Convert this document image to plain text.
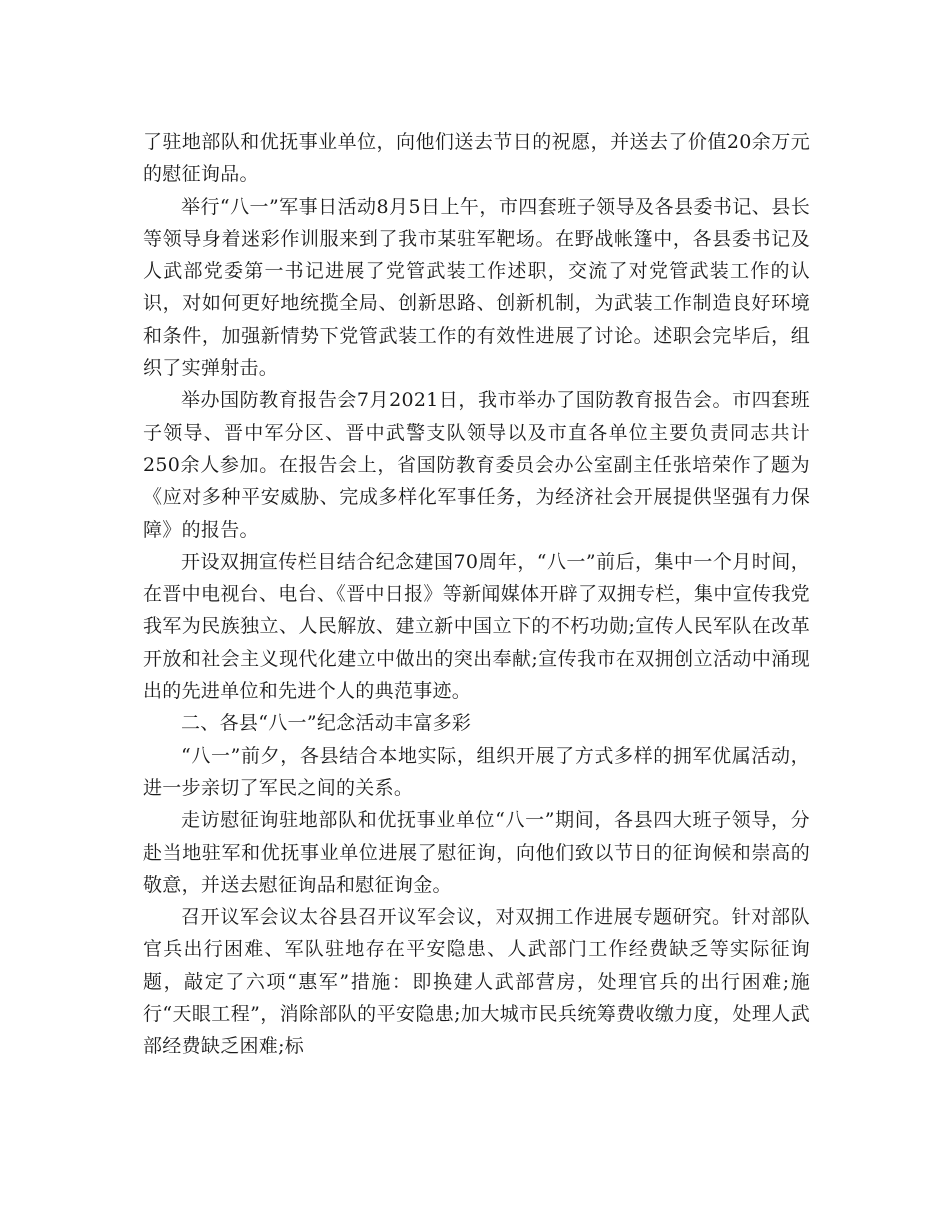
了驻地部队和优抚事业单位，向他们送去节日的祝愿，并送去了价值20余万元的慰征询品。

举行“八一”军事日活动8月5日上午，市四套班子领导及各县委书记、县长等领导身着迷彩作训服来到了我市某驻军靶场。在野战帐篷中，各县委书记及人武部党委第一书记进展了党管武装工作述职，交流了对党管武装工作的认识，对如何更好地统揽全局、创新思路、创新机制，为武装工作制造良好环境和条件，加强新情势下党管武装工作的有效性进展了讨论。述职会完毕后，组织了实弹射击。

举办国防教育报告会7月2021日，我市举办了国防教育报告会。市四套班子领导、晋中军分区、晋中武警支队领导以及市直各单位主要负责同志共计250余人参加。在报告会上，省国防教育委员会办公室副主任张培荣作了题为《应对多种平安威胁、完成多样化军事任务，为经济社会开展提供坚强有力保障》的报告。

开设双拥宣传栏目结合纪念建国70周年，“八一”前后，集中一个月时间，在晋中电视台、电台、《晋中日报》等新闻媒体开辟了双拥专栏，集中宣传我党我军为民族独立、人民解放、建立新中国立下的不朽功勋;宣传人民军队在改革开放和社会主义现代化建立中做出的突出奉献;宣传我市在双拥创立活动中涌现出的先进单位和先进个人的典范事迹。

二、各县“八一”纪念活动丰富多彩

“八一”前夕，各县结合本地实际，组织开展了方式多样的拥军优属活动，进一步亲切了军民之间的关系。

走访慰征询驻地部队和优抚事业单位“八一”期间，各县四大班子领导，分赴当地驻军和优抚事业单位进展了慰征询，向他们致以节日的征询候和崇高的敬意，并送去慰征询品和慰征询金。

召开议军会议太谷县召开议军会议，对双拥工作进展专题研究。针对部队官兵出行困难、军队驻地存在平安隐患、人武部门工作经费缺乏等实际征询题，敲定了六项“惠军”措施：即换建人武部营房，处理官兵的出行困难;施行“天眼工程”，消除部队的平安隐患;加大城市民兵统筹费收缴力度，处理人武部经费缺乏困难;标
